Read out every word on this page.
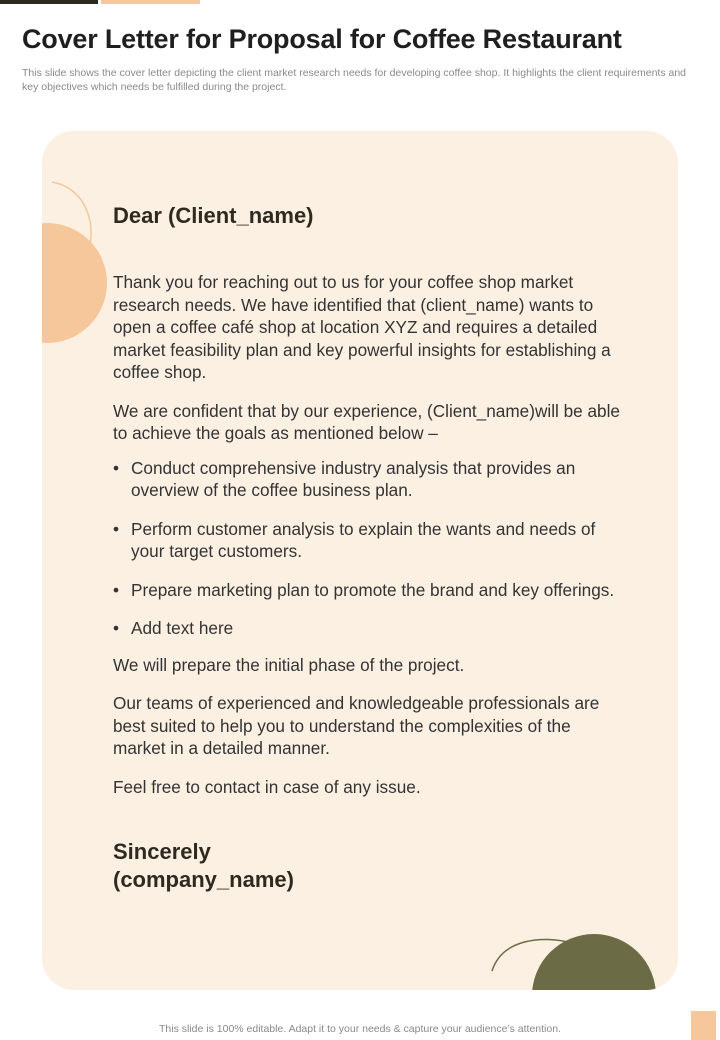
Cover Letter for Proposal for Coffee Restaurant
This slide shows the cover letter depicting the client market research needs for developing coffee shop. It highlights the client requirements and key objectives which needs be fulfilled during the project.
Dear (Client_name)

Thank you for reaching out to us for your coffee shop market research needs. We have identified that (client_name) wants to open a coffee café shop at location XYZ and requires a detailed market feasibility plan and key powerful insights for establishing a coffee shop.

We are confident that by our experience, (Client_name)will be able to achieve the goals as mentioned below –

• Conduct comprehensive industry analysis that provides an overview of the coffee business plan.
• Perform customer analysis to explain the wants and needs of your target customers.
• Prepare marketing plan to promote the brand and key offerings.
• Add text here

We will prepare the initial phase of the project.

Our teams of experienced and knowledgeable professionals are best suited to help you to understand the complexities of the market in a detailed manner.

Feel free to contact in case of any issue.

Sincerely
(company_name)
This slide is 100% editable. Adapt it to your needs & capture your audience’s attention.
